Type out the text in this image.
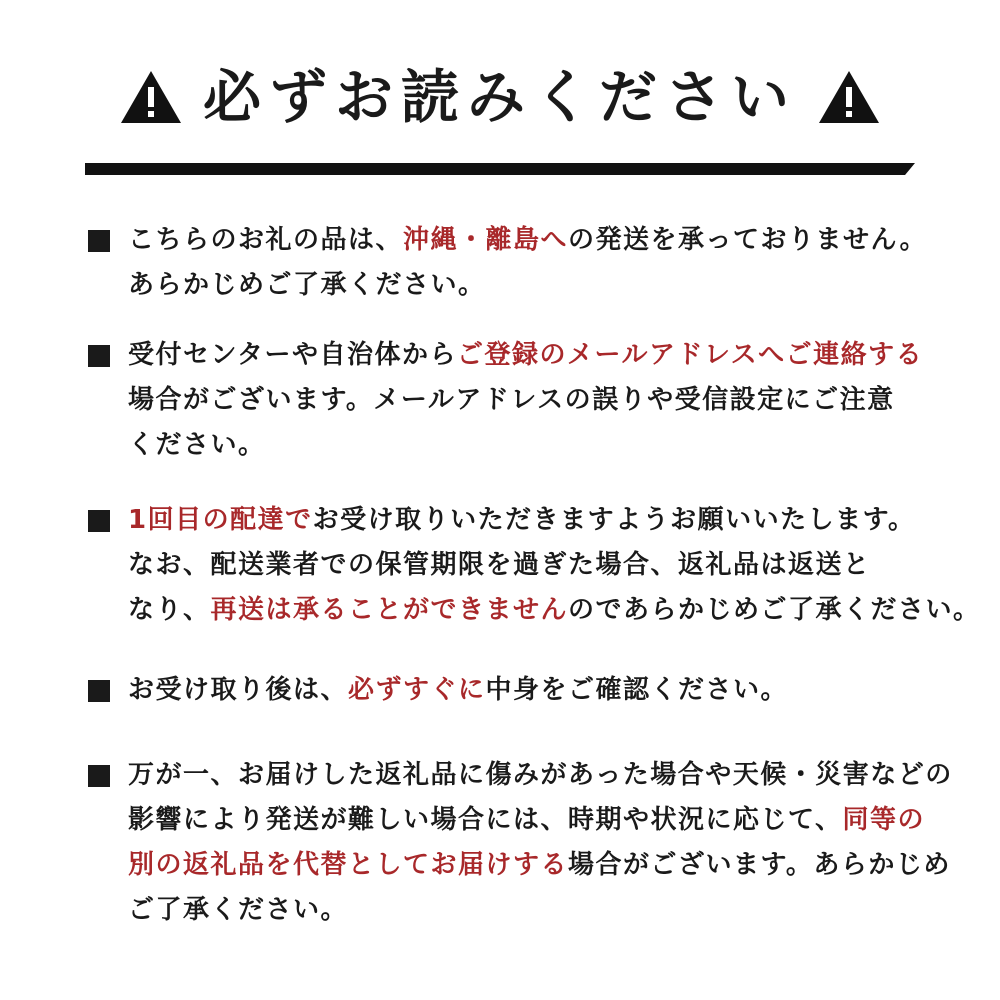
必ずお読みください
こちらのお礼の品は、沖縄・離島への発送を承っておりません。
あらかじめご了承ください。
受付センターや自治体からご登録のメールアドレスへご連絡する
場合がございます。メールアドレスの誤りや受信設定にご注意
ください。
1回目の配達でお受け取りいただきますようお願いいたします。
なお、配送業者での保管期限を過ぎた場合、返礼品は返送と
なり、再送は承ることができませんのであらかじめご了承ください。
お受け取り後は、必ずすぐに中身をご確認ください。
万が一、お届けした返礼品に傷みがあった場合や天候・災害などの
影響により発送が難しい場合には、時期や状況に応じて、同等の
別の返礼品を代替としてお届けする場合がございます。あらかじめ
ご了承ください。
